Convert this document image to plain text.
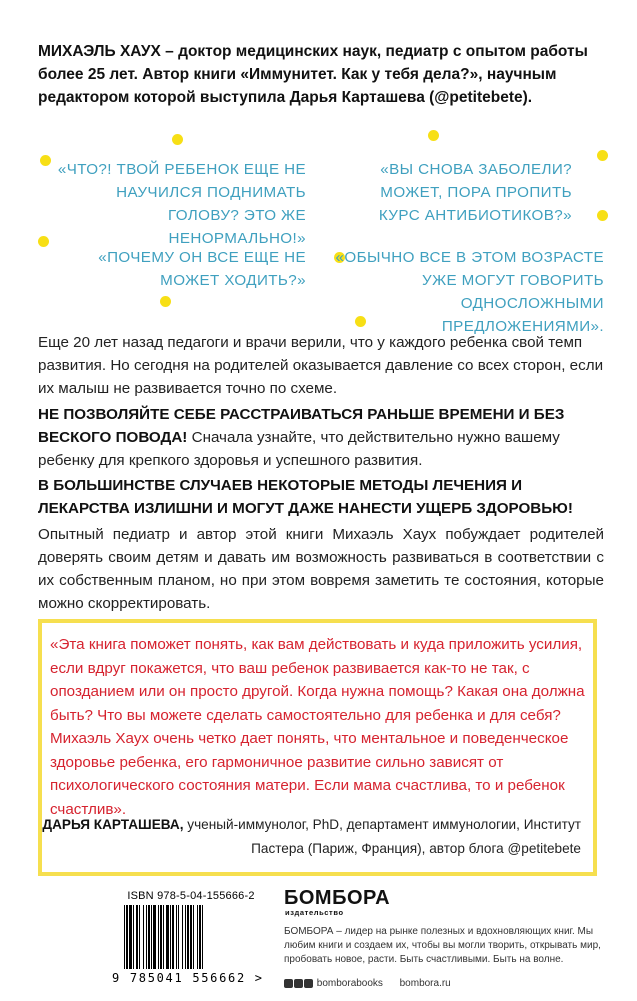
МИХАЭЛЬ ХАУХ – доктор медицинских наук, педиатр с опытом работы более 25 лет. Автор книги «Иммунитет. Как у тебя дела?», научным редактором которой выступила Дарья Карташева (@petitebete).
«ЧТО?! ТВОЙ РЕБЕНОК ЕЩЕ НЕ НАУЧИЛСЯ ПОДНИМАТЬ ГОЛОВУ? ЭТО ЖЕ НЕНОРМАЛЬНО!»
«ВЫ СНОВА ЗАБОЛЕЛИ? МОЖЕТ, ПОРА ПРОПИТЬ КУРС АНТИБИОТИКОВ?»
«ПОЧЕМУ ОН ВСЕ ЕЩЕ НЕ МОЖЕТ ХОДИТЬ?»
«ОБЫЧНО ВСЕ В ЭТОМ ВОЗРАСТЕ УЖЕ МОГУТ ГОВОРИТЬ ОДНОСЛОЖНЫМИ ПРЕДЛОЖЕНИЯМИ».
Еще 20 лет назад педагоги и врачи верили, что у каждого ребенка свой темп развития. Но сегодня на родителей оказывается давление со всех сторон, если их малыш не развивается точно по схеме.
НЕ ПОЗВОЛЯЙТЕ СЕБЕ РАССТРАИВАТЬСЯ РАНЬШЕ ВРЕМЕНИ И БЕЗ ВЕСКОГО ПОВОДА! Сначала узнайте, что действительно нужно вашему ребенку для крепкого здоровья и успешного развития.
В БОЛЬШИНСТВЕ СЛУЧАЕВ НЕКОТОРЫЕ МЕТОДЫ ЛЕЧЕНИЯ И ЛЕКАРСТВА ИЗЛИШНИ И МОГУТ ДАЖЕ НАНЕСТИ УЩЕРБ ЗДОРОВЬЮ!
Опытный педиатр и автор этой книги Михаэль Хаух побуждает родителей доверять своим детям и давать им возможность развиваться в соответствии с их собственным планом, но при этом вовремя заметить те состояния, которые можно скорректировать.
«Эта книга поможет понять, как вам действовать и куда приложить усилия, если вдруг покажется, что ваш ребенок развивается как-то не так, с опозданием или он просто другой. Когда нужна помощь? Какая она должна быть? Что вы можете сделать самостоятельно для ребенка и для себя? Михаэль Хаух очень четко дает понять, что ментальное и поведенческое здоровье ребенка, его гармоничное развитие сильно зависят от психологического состояния матери. Если мама счастлива, то и ребенок счастлив».
ДАРЬЯ КАРТАШЕВА, ученый-иммунолог, PhD, департамент иммунологии, Институт Пастера (Париж, Франция), автор блога @petitebete
ISBN 978-5-04-155666-2
9 785041 556662 >
БОМБОРА
издательство
БОМБОРА – лидер на рынке полезных и вдохновляющих книг. Мы любим книги и создаем их, чтобы вы могли творить, открывать мир, пробовать новое, расти. Быть счастливыми. Быть на волне.
bomborabooks bombora.ru
